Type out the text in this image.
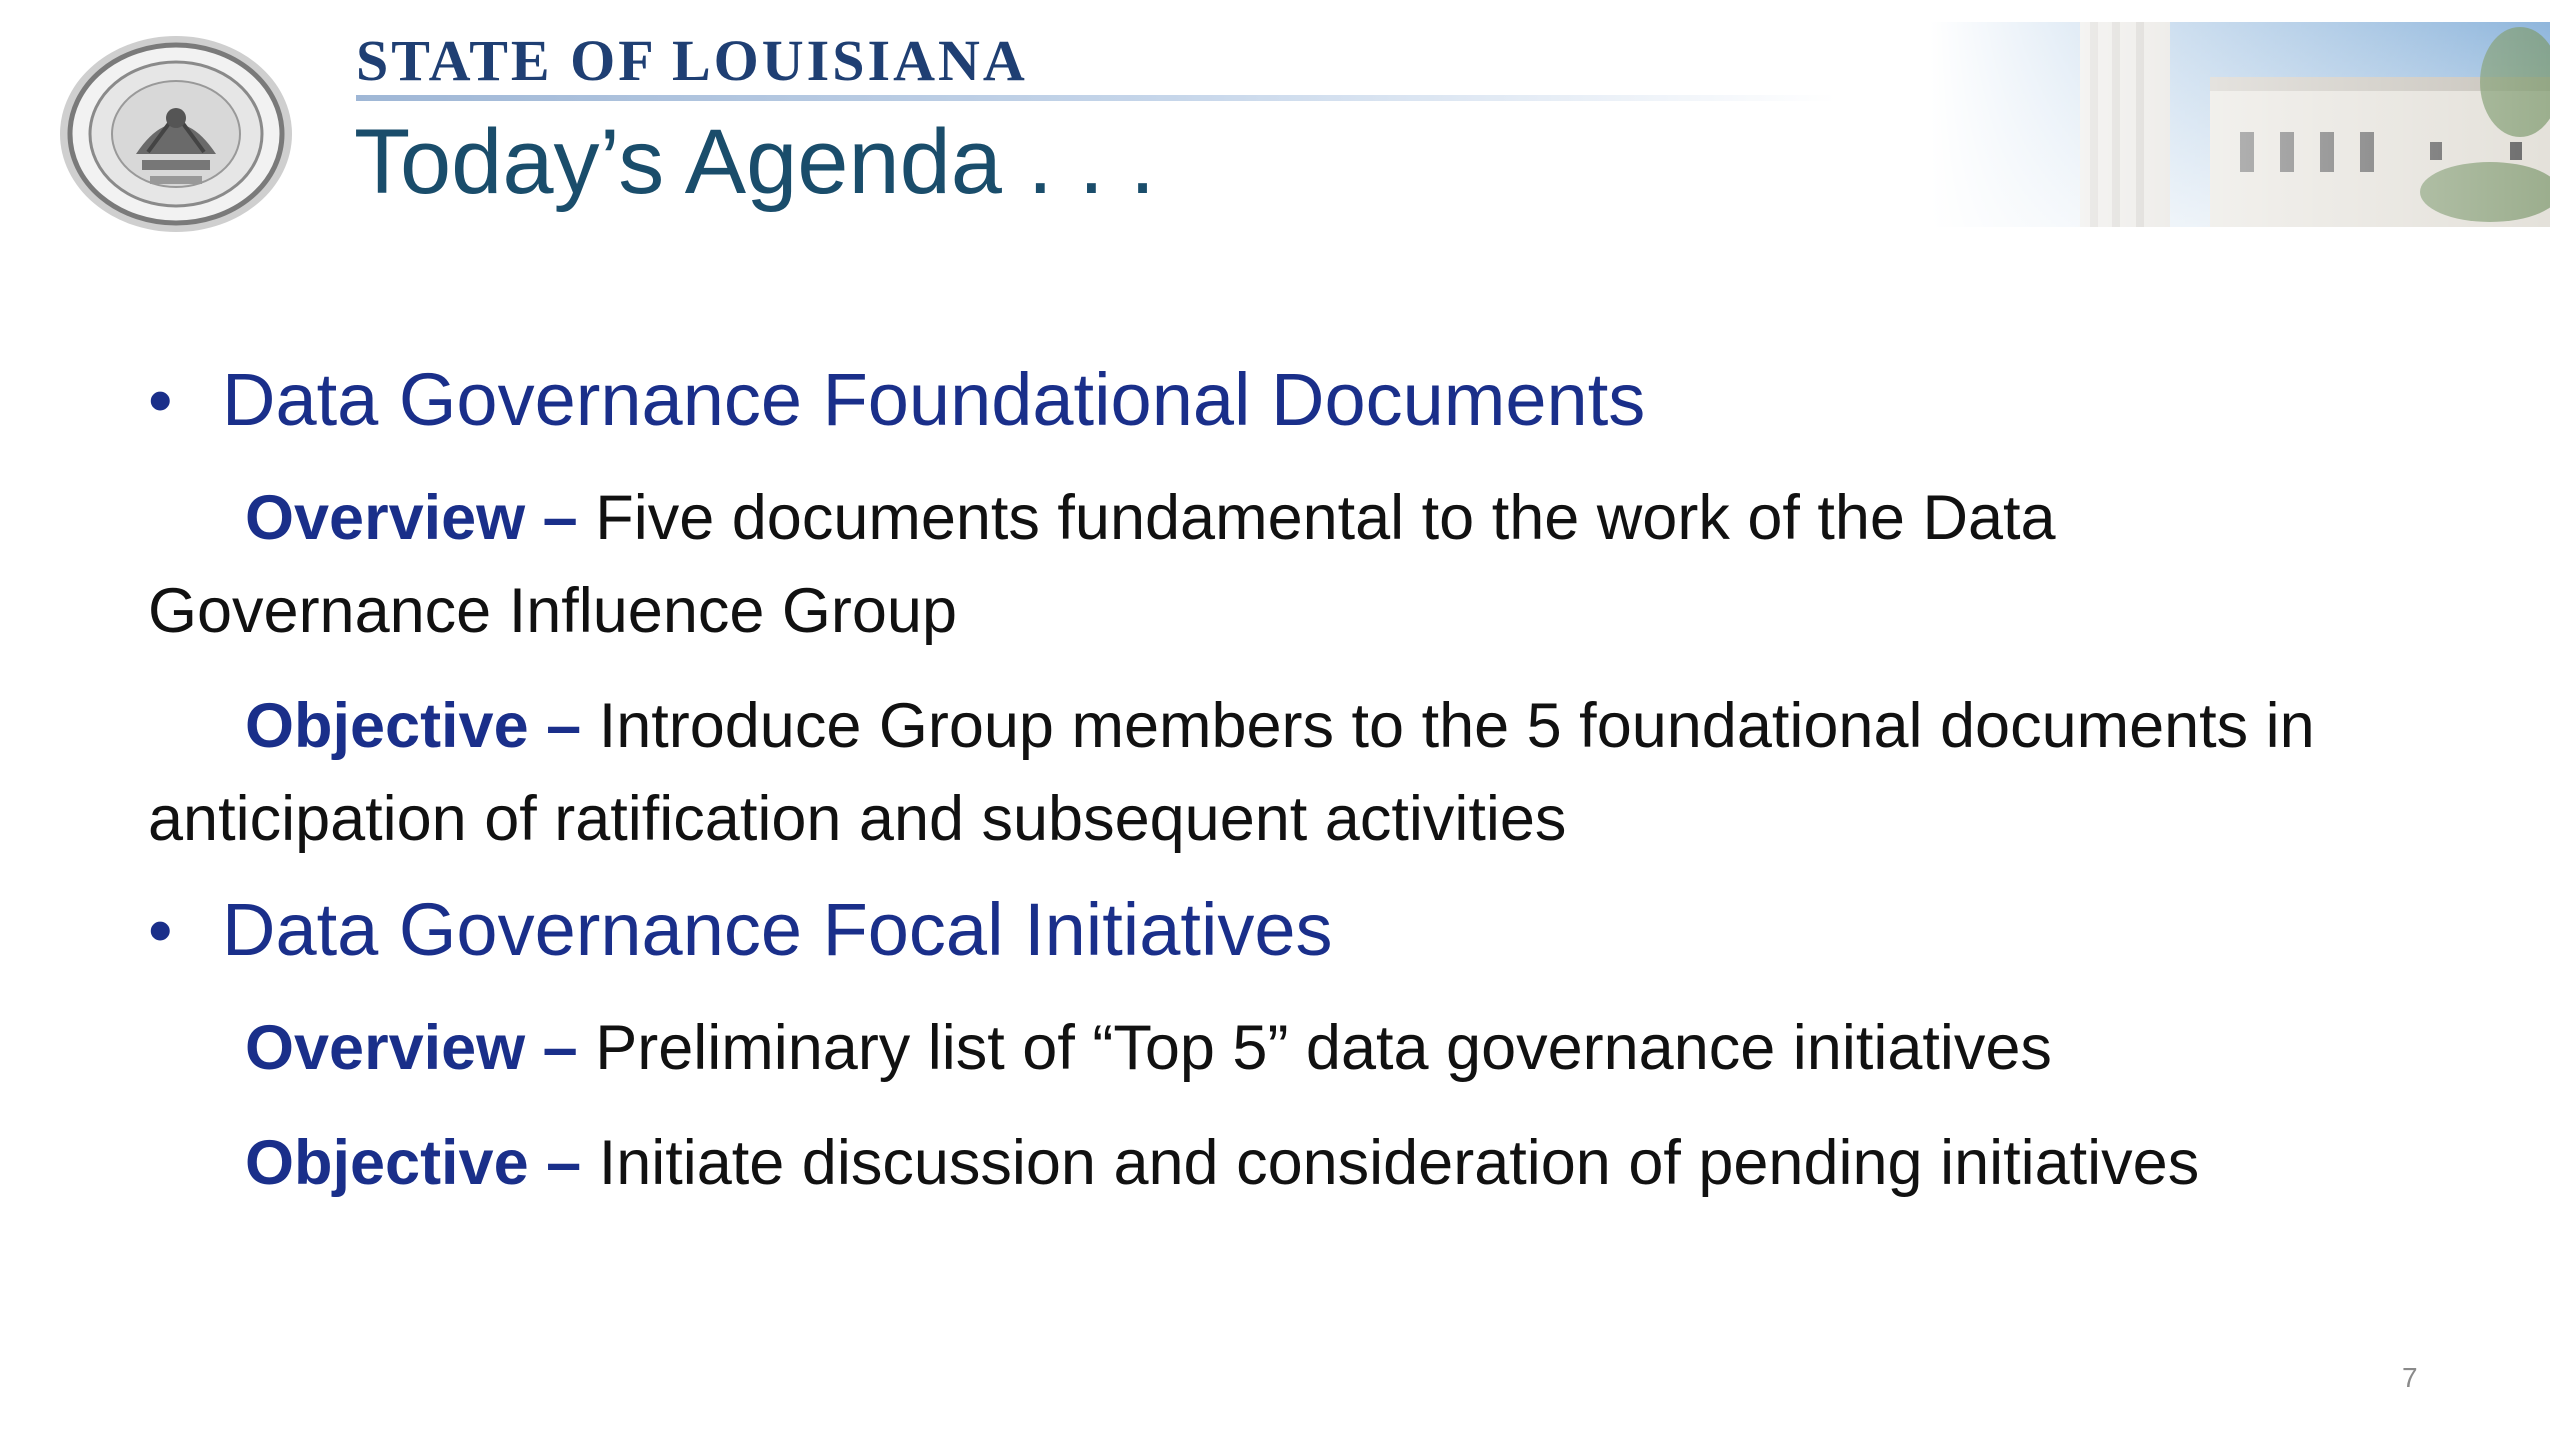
STATE OF LOUISIANA
Today’s Agenda . . .
• Data Governance Foundational Documents

Overview – Five documents fundamental to the work of the Data Governance Influence Group

Objective – Introduce Group members to the 5 foundational documents in anticipation of ratification and subsequent activities

• Data Governance Focal Initiatives

Overview – Preliminary list of “Top 5” data governance initiatives

Objective – Initiate discussion and consideration of pending initiatives

7
